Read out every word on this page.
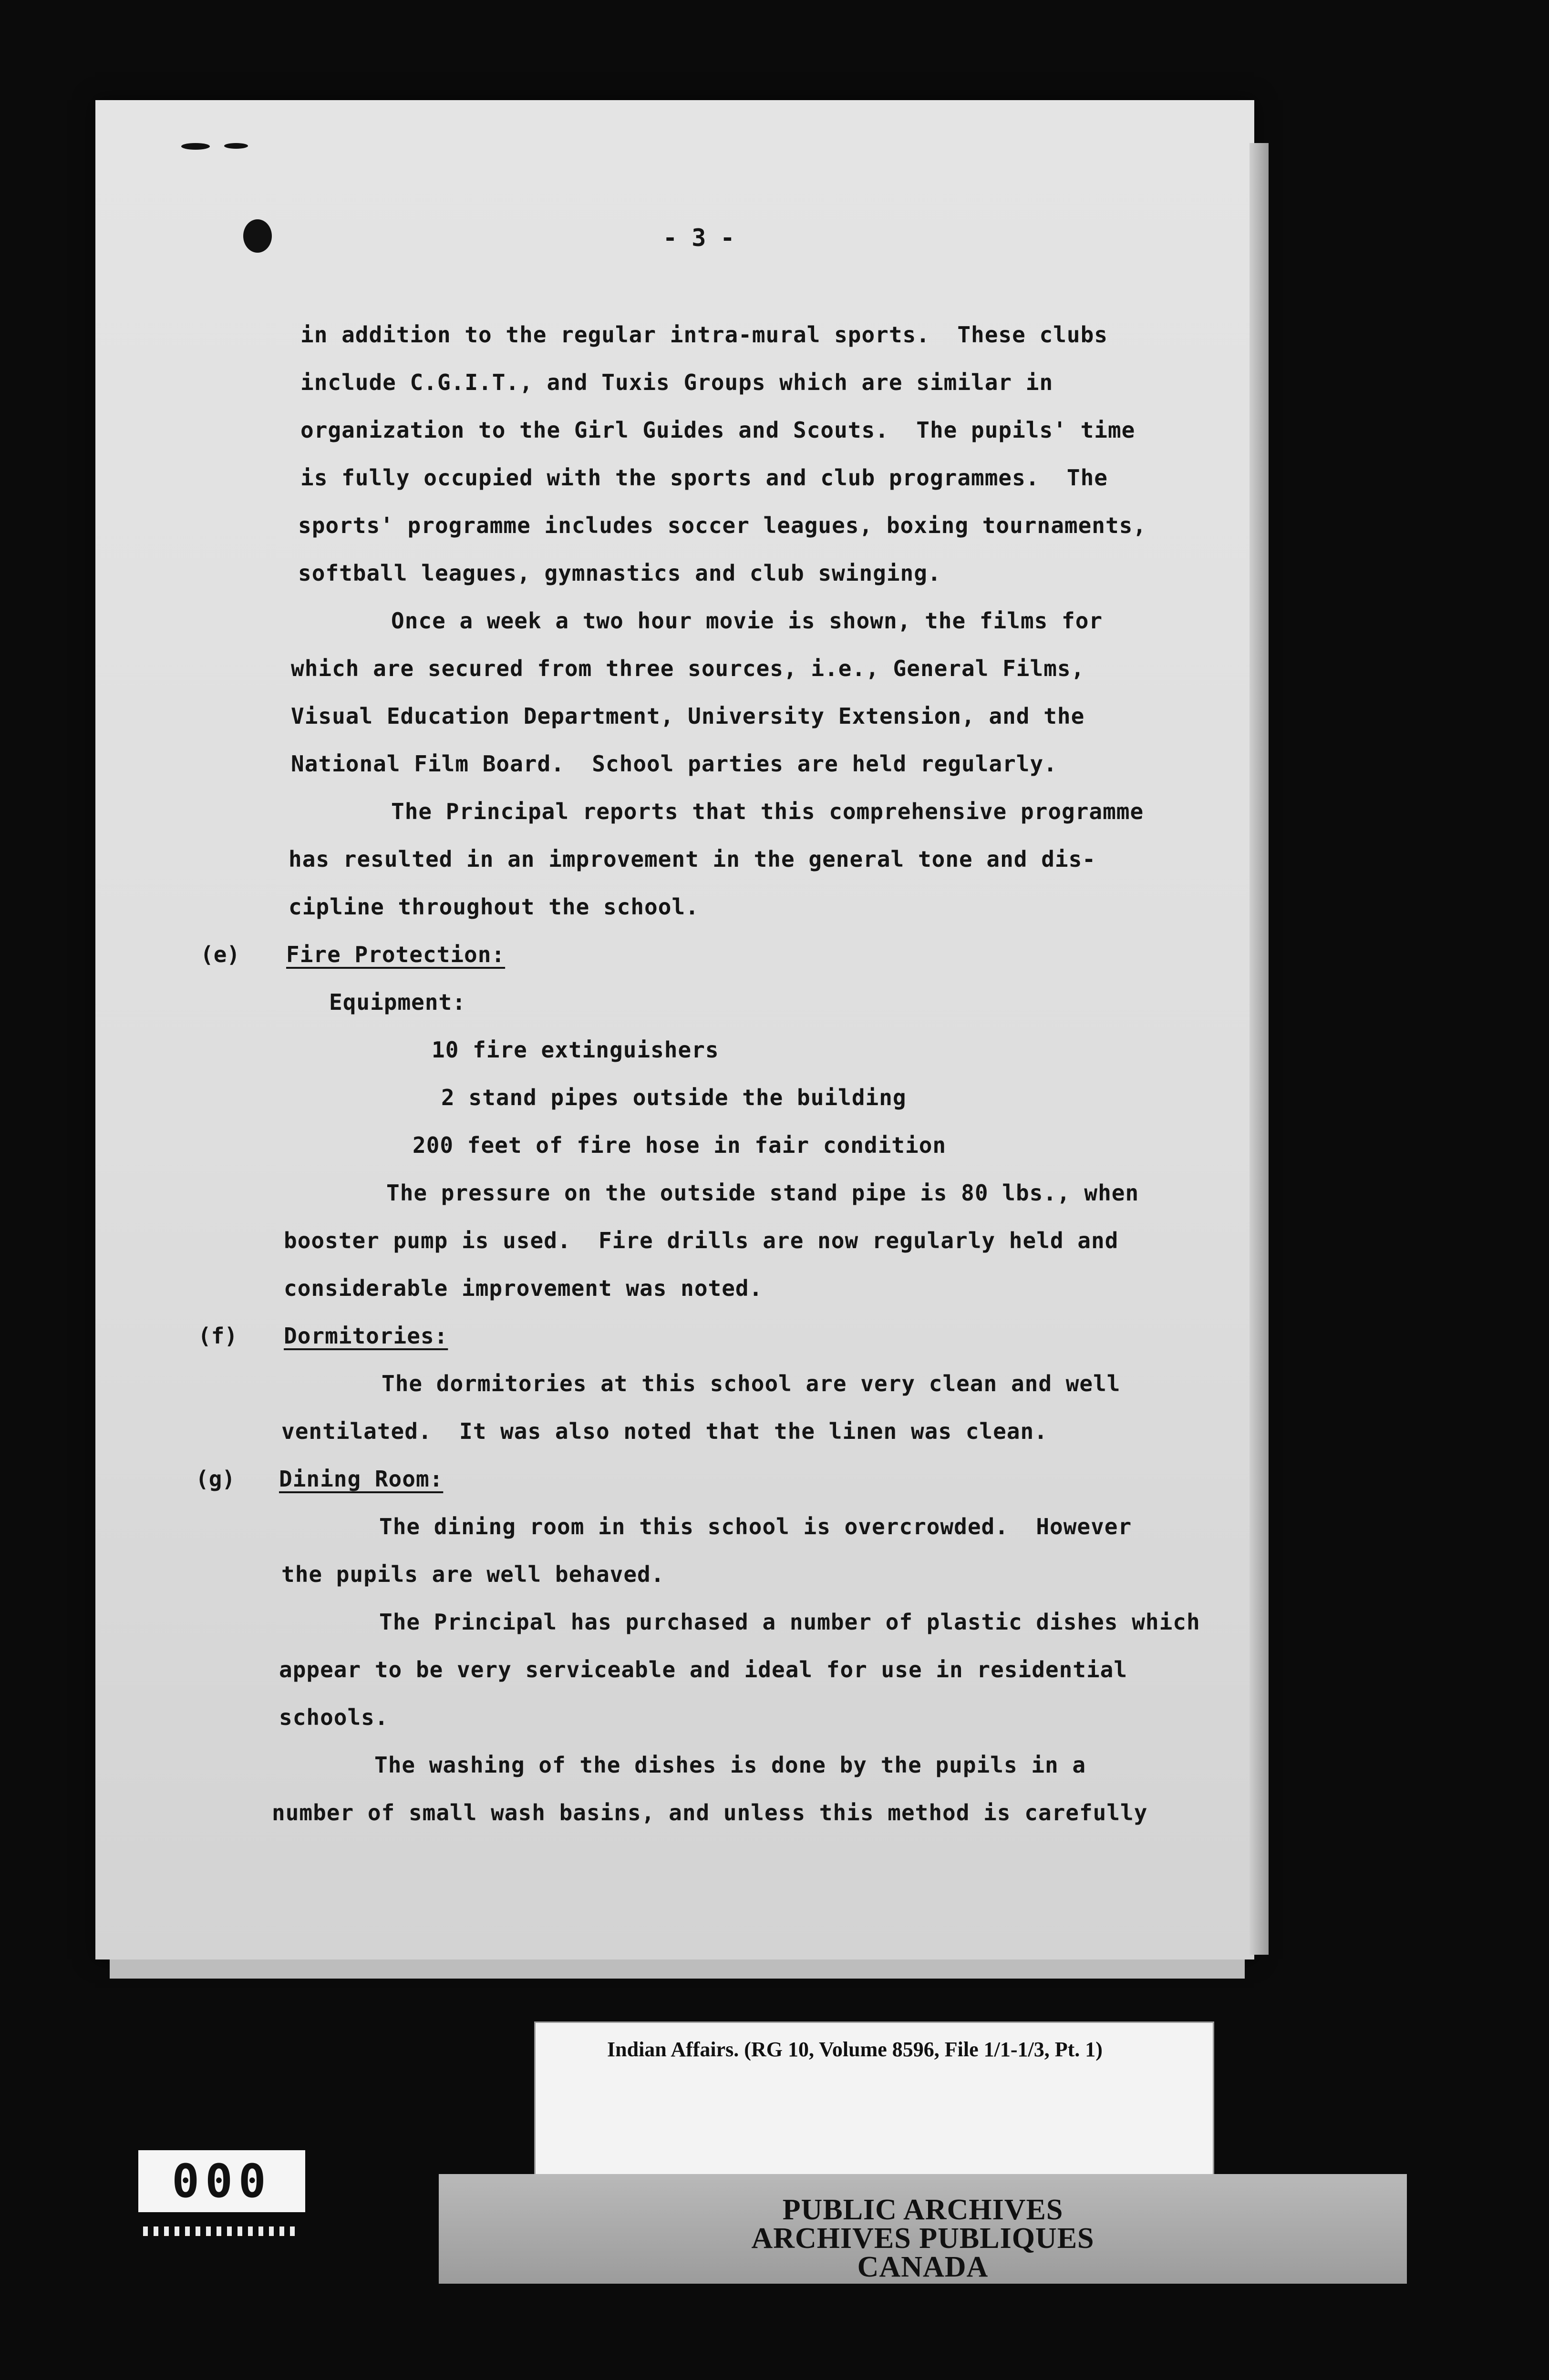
- 3 -
in addition to the regular intra-mural sports.  These clubs
include C.G.I.T., and Tuxis Groups which are similar in
organization to the Girl Guides and Scouts.  The pupils' time
is fully occupied with the sports and club programmes.  The
sports' programme includes soccer leagues, boxing tournaments,
softball leagues, gymnastics and club swinging.
Once a week a two hour movie is shown, the films for
which are secured from three sources, i.e., General Films,
Visual Education Department, University Extension, and the
National Film Board.  School parties are held regularly.
The Principal reports that this comprehensive programme
has resulted in an improvement in the general tone and dis-
cipline throughout the school.
(e) Fire Protection:
Equipment:
10 fire extinguishers
2 stand pipes outside the building
200 feet of fire hose in fair condition
The pressure on the outside stand pipe is 80 lbs., when
booster pump is used.  Fire drills are now regularly held and
considerable improvement was noted.
(f) Dormitories:
The dormitories at this school are very clean and well
ventilated.  It was also noted that the linen was clean.
(g) Dining Room:
The dining room in this school is overcrowded.  However
the pupils are well behaved.
The Principal has purchased a number of plastic dishes which
appear to be very serviceable and ideal for use in residential
schools.
The washing of the dishes is done by the pupils in a
number of small wash basins, and unless this method is carefully
Indian Affairs. (RG 10, Volume 8596, File 1/1-1/3, Pt. 1)
PUBLIC ARCHIVES
ARCHIVES PUBLIQUES
CANADA
000
